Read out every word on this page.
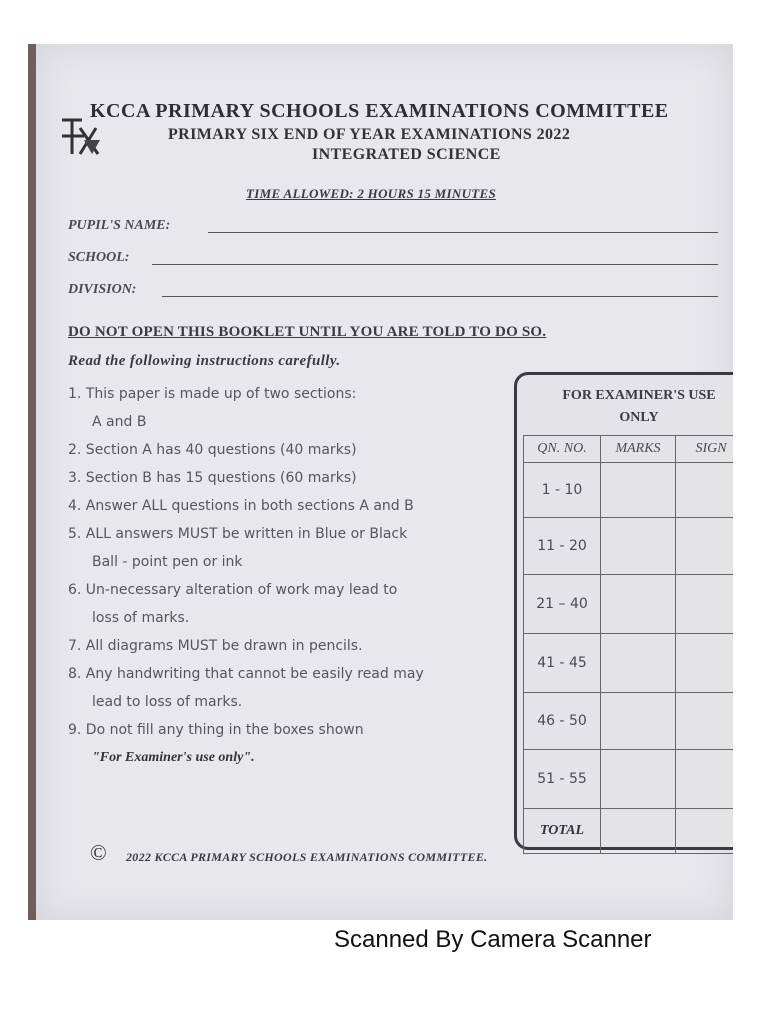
KCCA PRIMARY SCHOOLS EXAMINATIONS COMMITTEE
PRIMARY SIX END OF YEAR EXAMINATIONS 2022
INTEGRATED SCIENCE
TIME ALLOWED: 2 HOURS 15 MINUTES
PUPIL'S NAME:
SCHOOL:
DIVISION:
DO NOT OPEN THIS BOOKLET UNTIL YOU ARE TOLD TO DO SO.
Read the following instructions carefully.
1. This paper is made up of two sections:
A and B
2. Section A has 40 questions (40 marks)
3. Section B has 15 questions (60 marks)
4. Answer ALL questions in both sections A and B
5. ALL answers MUST be written in Blue or Black
Ball - point pen or ink
6. Un-necessary alteration of work may lead to
loss of marks.
7. All diagrams MUST be drawn in pencils.
8. Any handwriting that cannot be easily read may
lead to loss of marks.
9. Do not fill any thing in the boxes shown
"For Examiner's use only".
FOR EXAMINER'S USE
ONLY
QN. NO.	MARKS	SIGN
1 - 10		
11 - 20		
21 – 40		
41 - 45		
46 - 50		
51 - 55		
TOTAL		
© 2022 KCCA PRIMARY SCHOOLS EXAMINATIONS COMMITTEE.
Scanned By Camera Scanner
